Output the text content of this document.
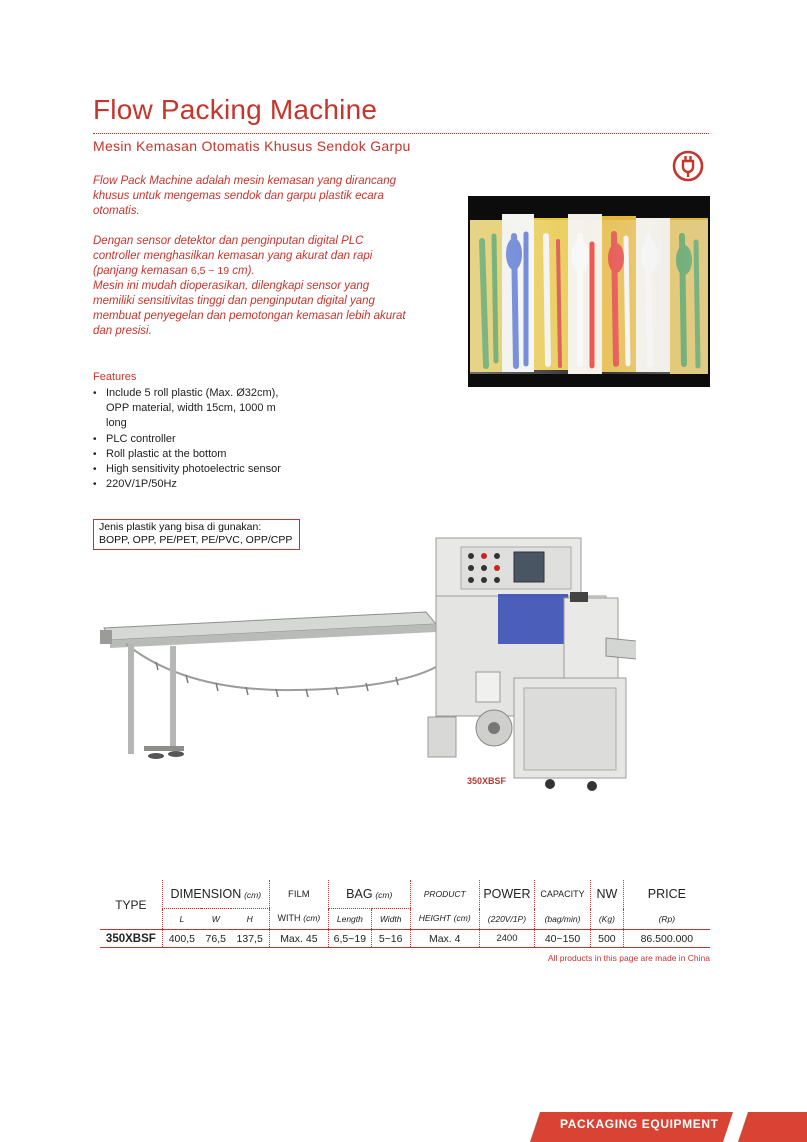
Flow Packing Machine
Mesin Kemasan Otomatis Khusus Sendok Garpu
Flow Pack Machine adalah mesin kemasan yang dirancang khusus untuk mengemas sendok dan garpu plastik ecara otomatis.
Dengan sensor detektor dan penginputan digital PLC controller menghasilkan kemasan yang akurat dan rapi (panjang kemasan 6,5 ~ 19 cm).
Mesin ini mudah dioperasikan, dilengkapi sensor yang memiliki sensitivitas tinggi dan penginputan digital yang membuat penyegelan dan pemotongan kemasan lebih akurat dan presisi.
Features
• Include 5 roll plastic (Max. Ø32cm), OPP material, width 15cm, 1000 m long
• PLC controller
• Roll plastic at the bottom
• High sensitivity photoelectric sensor
• 220V/1P/50Hz
350XBSF
Jenis plastik yang bisa di gunakan:
BOPP, OPP, PE/PET, PE/PVC, OPP/CPP
TYPE	DIMENSION (cm)			FILM	BAG (cm)		PRODUCT	POWER	CAPACITY	NW	PRICE
	L	W	H	WITH (cm)	Length	Width	HEIGHT (cm)	(220V/1P)	(bag/min)	(Kg)	(Rp)
350XBSF	400,5	76,5	137,5	Max. 45	6,5~19	5~16	Max. 4	2400	40~150	500	86.500.000
All products in this page are made in China
PACKAGING EQUIPMENT
